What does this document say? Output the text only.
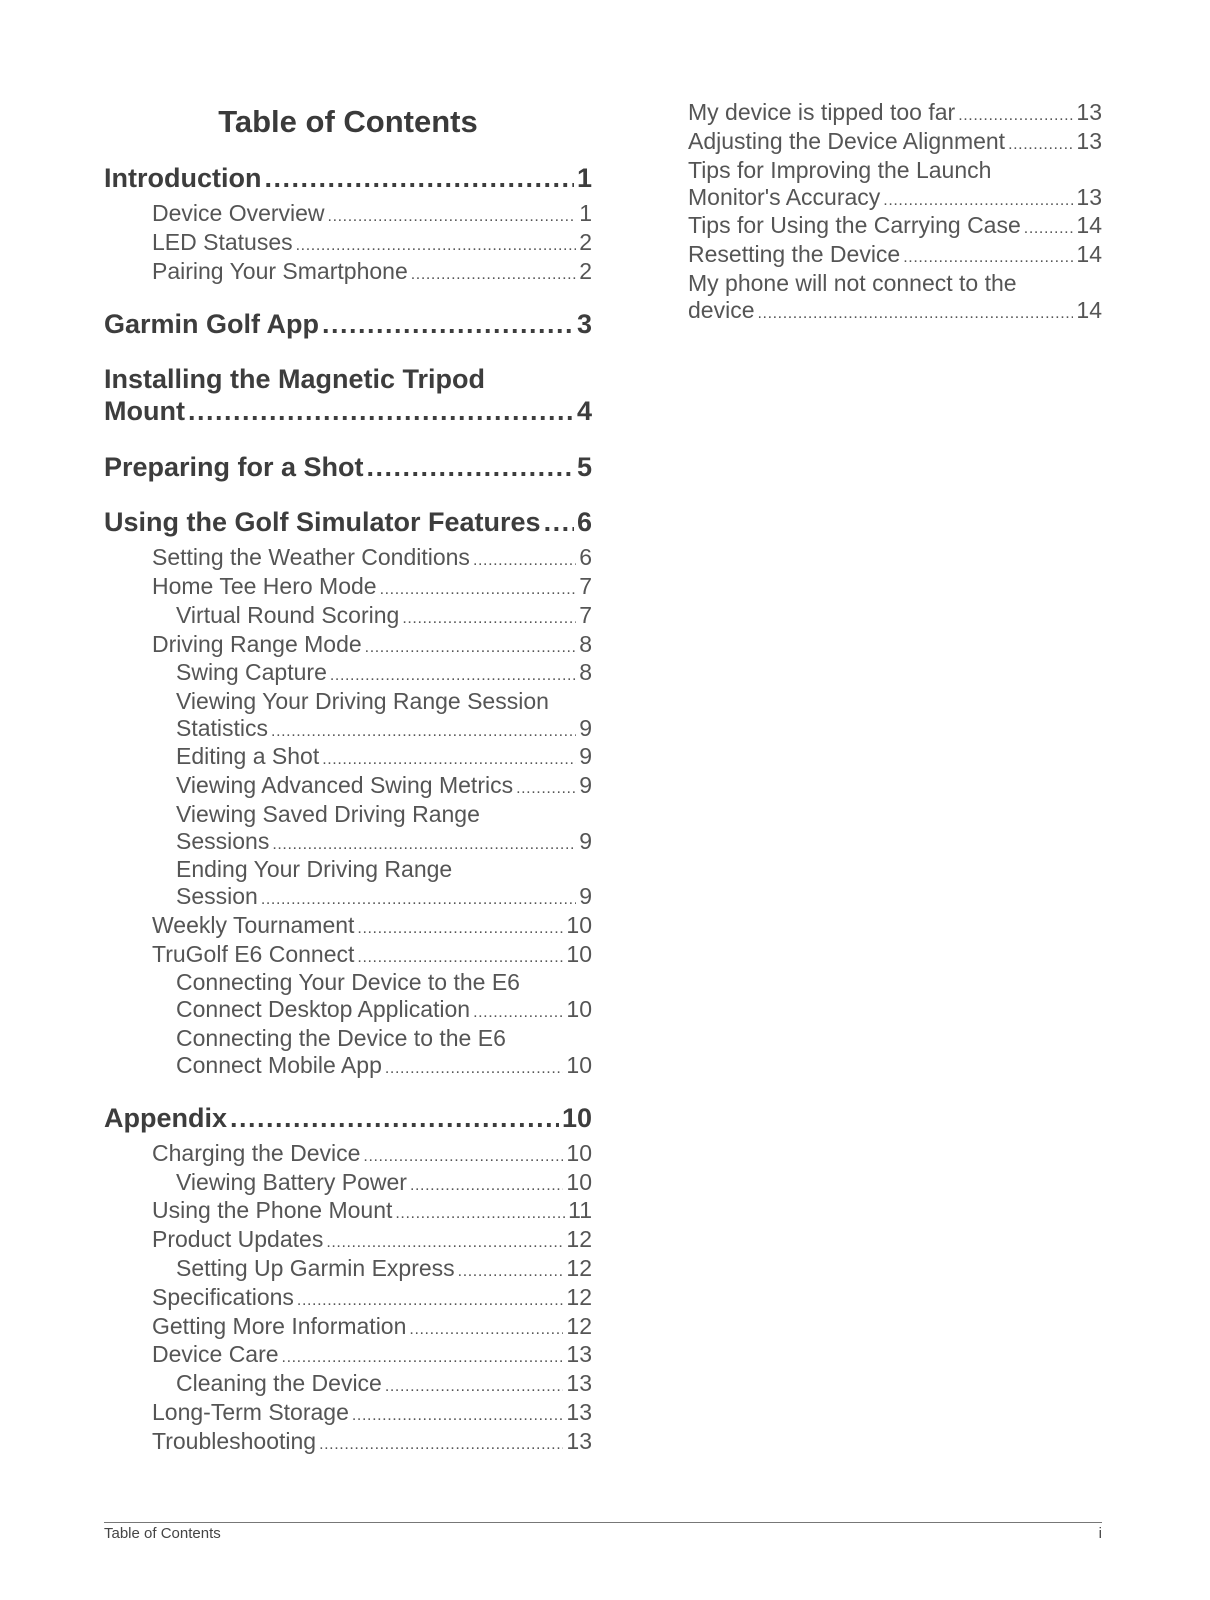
Table of Contents
Introduction .....	1
Device Overview .....	1
LED Statuses .....	2
Pairing Your Smartphone .....	2
Garmin Golf App .....	3
Installing the Magnetic Tripod
Mount .....	4
Preparing for a Shot .....	5
Using the Golf Simulator Features ..... 6
Setting the Weather Conditions .....	6
Home Tee Hero Mode .....	7
Virtual Round Scoring .....	7
Driving Range Mode .....	8
Swing Capture .....	8
Viewing Your Driving Range Session
Statistics .....	9
Editing a Shot .....	9
Viewing Advanced Swing Metrics .....	9
Viewing Saved Driving Range
Sessions .....	9
Ending Your Driving Range
Session .....	9
Weekly Tournament .....	10
TruGolf E6 Connect .....	10
Connecting Your Device to the E6
Connect Desktop Application .....	10
Connecting the Device to the E6
Connect Mobile App .....	10
Appendix .....	10
Charging the Device .....	10
Viewing Battery Power .....	10
Using the Phone Mount .....	11
Product Updates .....	12
Setting Up Garmin Express .....	12
Specifications .....	12
Getting More Information .....	12
Device Care .....	13
Cleaning the Device .....	13
Long-Term Storage .....	13
Troubleshooting .....	13
My device is tipped too far .....	13
Adjusting the Device Alignment .....	13
Tips for Improving the Launch
Monitor's Accuracy .....	13
Tips for Using the Carrying Case ..... 14
Resetting the Device .....	14
My phone will not connect to the
device .....	14
Table of Contents	i
